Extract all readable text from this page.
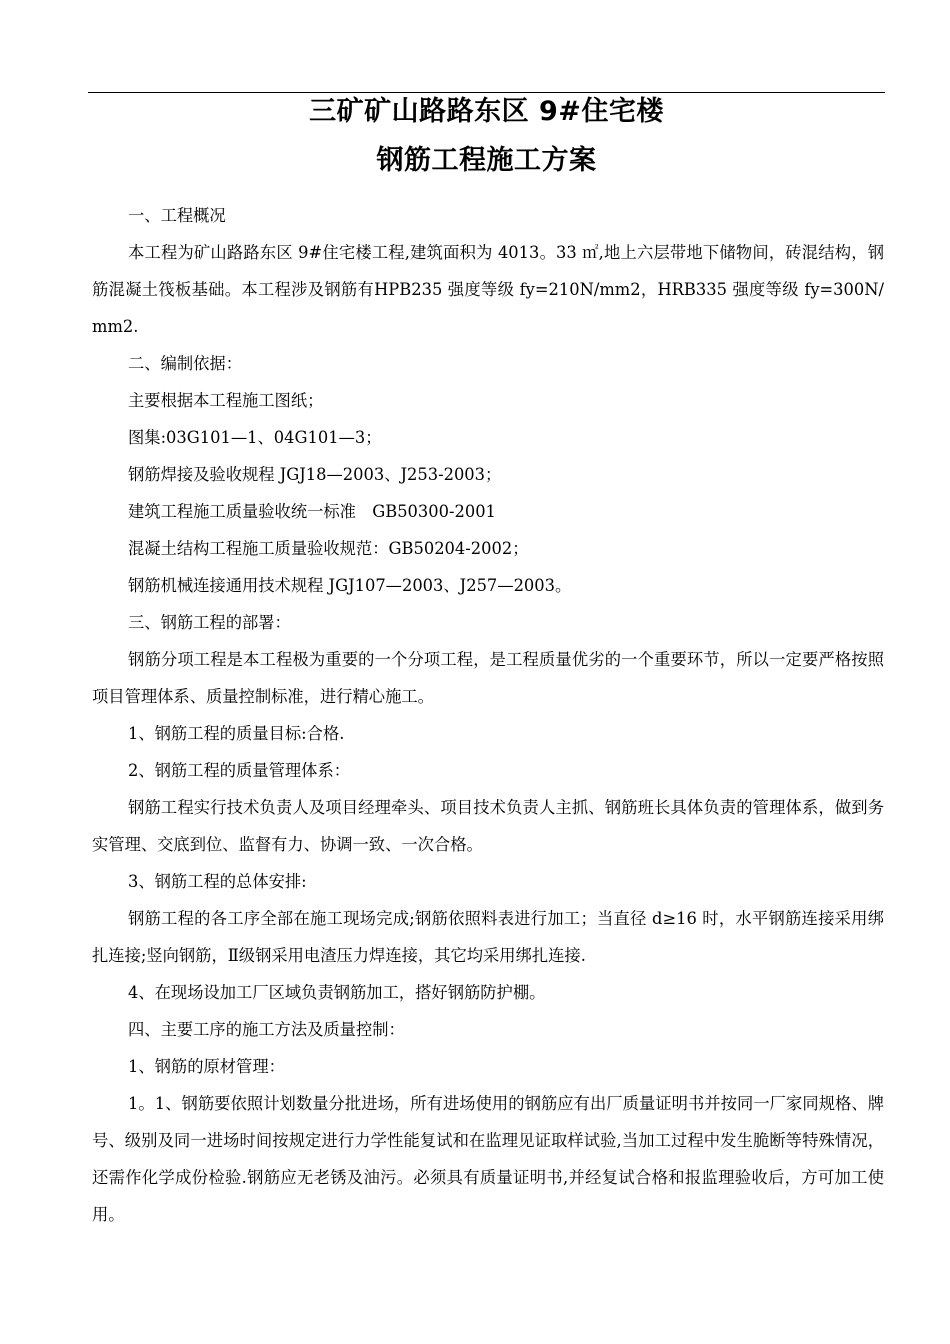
三矿矿山路路东区 9#住宅楼
钢筋工程施工方案

一、工程概况

本工程为矿山路路东区 9#住宅楼工程,建筑面积为 4013。33 ㎡,地上六层带地下储物间，砖混结构，钢筋混凝土筏板基础。本工程涉及钢筋有HPB235 强度等级 fy=210N/mm2，HRB335 强度等级 fy=300N/mm2.

二、编制依据：

主要根据本工程施工图纸；

图集:03G101—1、04G101—3；

钢筋焊接及验收规程 JGJ18—2003、J253-2003；

建筑工程施工质量验收统一标准　GB50300-2001

混凝土结构工程施工质量验收规范：GB50204-2002；

钢筋机械连接通用技术规程 JGJ107—2003、J257—2003。

三、钢筋工程的部署：

钢筋分项工程是本工程极为重要的一个分项工程，是工程质量优劣的一个重要环节，所以一定要严格按照项目管理体系、质量控制标准，进行精心施工。

1、钢筋工程的质量目标:合格.

2、钢筋工程的质量管理体系：

钢筋工程实行技术负责人及项目经理牵头、项目技术负责人主抓、钢筋班长具体负责的管理体系，做到务实管理、交底到位、监督有力、协调一致、一次合格。

3、钢筋工程的总体安排:

钢筋工程的各工序全部在施工现场完成;钢筋依照料表进行加工；当直径 d≥16 时，水平钢筋连接采用绑扎连接;竖向钢筋，Ⅱ级钢采用电渣压力焊连接，其它均采用绑扎连接.

4、在现场设加工厂区域负责钢筋加工，搭好钢筋防护棚。

四、主要工序的施工方法及质量控制：

1、钢筋的原材管理：

1。1、钢筋要依照计划数量分批进场，所有进场使用的钢筋应有出厂质量证明书并按同一厂家同规格、牌号、级别及同一进场时间按规定进行力学性能复试和在监理见证取样试验,当加工过程中发生脆断等特殊情况，还需作化学成份检验.钢筋应无老锈及油污。必须具有质量证明书,并经复试合格和报监理验收后，方可加工使用。
